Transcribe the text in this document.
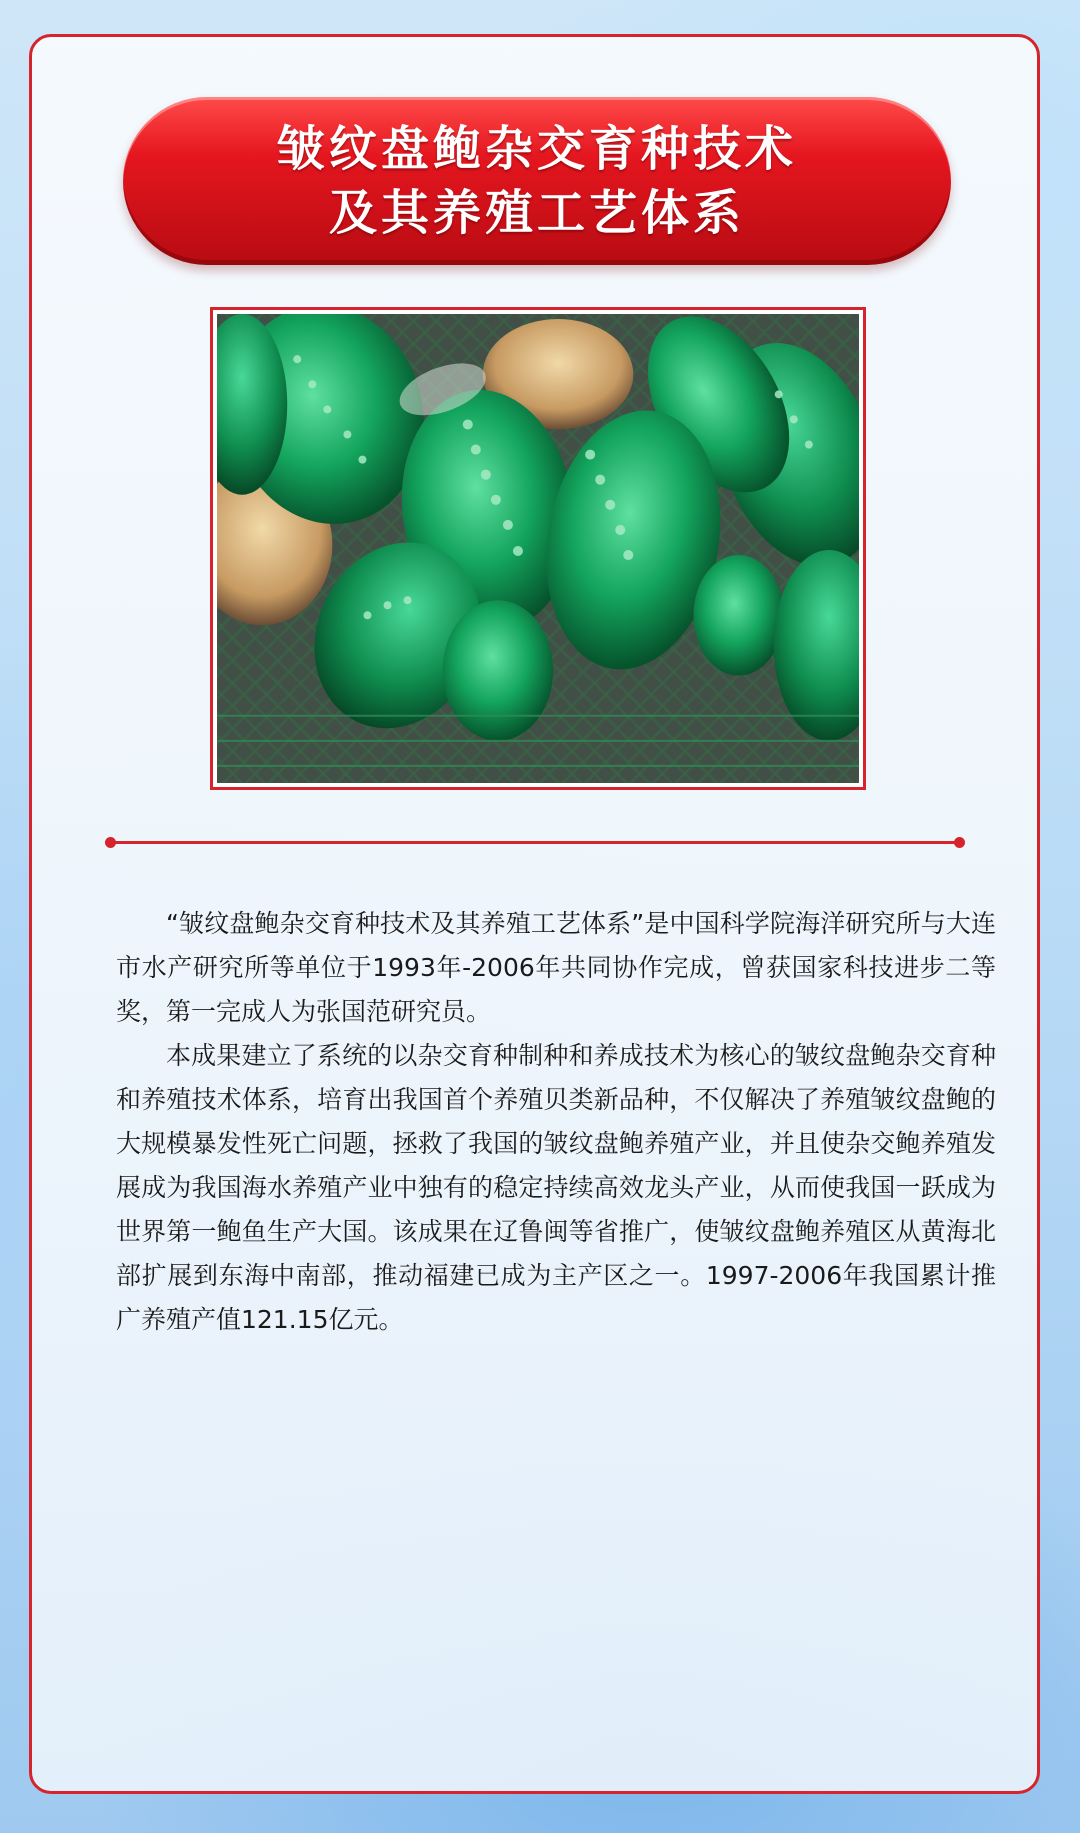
皱纹盘鲍杂交育种技术
及其养殖工艺体系

“皱纹盘鲍杂交育种技术及其养殖工艺体系”是中国科学院海洋研究所与大连市水产研究所等单位于1993年-2006年共同协作完成，曾获国家科技进步二等奖，第一完成人为张国范研究员。

本成果建立了系统的以杂交育种制种和养成技术为核心的皱纹盘鲍杂交育种和养殖技术体系，培育出我国首个养殖贝类新品种，不仅解决了养殖皱纹盘鲍的大规模暴发性死亡问题，拯救了我国的皱纹盘鲍养殖产业，并且使杂交鲍养殖发展成为我国海水养殖产业中独有的稳定持续高效龙头产业，从而使我国一跃成为世界第一鲍鱼生产大国。该成果在辽鲁闽等省推广，使皱纹盘鲍养殖区从黄海北部扩展到东海中南部，推动福建已成为主产区之一。1997-2006年我国累计推广养殖产值121.15亿元。
